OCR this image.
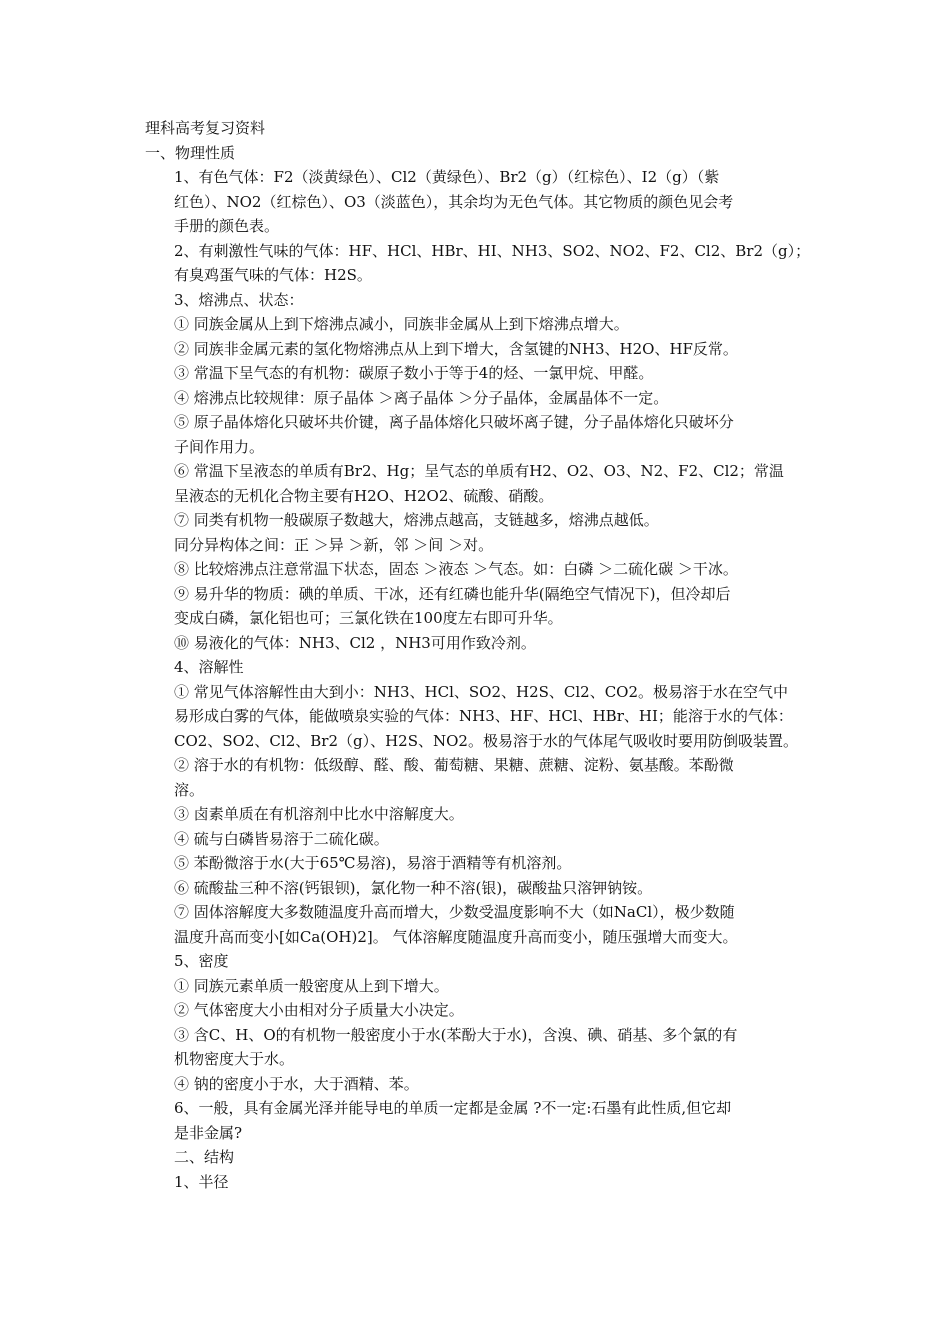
理科高考复习资料
一、物理性质
1、有色气体：F2（淡黄绿色）、Cl2（黄绿色）、Br2（g）（红棕色）、I2（g）（紫
红色）、NO2（红棕色）、O3（淡蓝色），其余均为无色气体。其它物质的颜色见会考
手册的颜色表。
2、有刺激性气味的气体：HF、HCl、HBr、HI、NH3、SO2、NO2、F2、Cl2、Br2（g）；
有臭鸡蛋气味的气体：H2S。
3、熔沸点、状态：
① 同族金属从上到下熔沸点减小，同族非金属从上到下熔沸点增大。
② 同族非金属元素的氢化物熔沸点从上到下增大，含氢键的NH3、H2O、HF反常。
③ 常温下呈气态的有机物：碳原子数小于等于4的烃、一氯甲烷、甲醛。
④ 熔沸点比较规律：原子晶体 ＞离子晶体 ＞分子晶体，金属晶体不一定。
⑤ 原子晶体熔化只破坏共价键，离子晶体熔化只破坏离子键，分子晶体熔化只破坏分
子间作用力。
⑥ 常温下呈液态的单质有Br2、Hg；呈气态的单质有H2、O2、O3、N2、F2、Cl2；常温
呈液态的无机化合物主要有H2O、H2O2、硫酸、硝酸。
⑦ 同类有机物一般碳原子数越大，熔沸点越高，支链越多，熔沸点越低。
同分异构体之间：正 ＞异 ＞新，邻 ＞间 ＞对。
⑧ 比较熔沸点注意常温下状态，固态 ＞液态 ＞气态。如：白磷 ＞二硫化碳 ＞干冰。
⑨ 易升华的物质：碘的单质、干冰，还有红磷也能升华(隔绝空气情况下)，但冷却后
变成白磷，氯化铝也可；三氯化铁在100度左右即可升华。
⑩ 易液化的气体：NH3、Cl2 ，NH3可用作致冷剂。
4、溶解性
① 常见气体溶解性由大到小：NH3、HCl、SO2、H2S、Cl2、CO2。极易溶于水在空气中
易形成白雾的气体，能做喷泉实验的气体：NH3、HF、HCl、HBr、HI；能溶于水的气体：
CO2、SO2、Cl2、Br2（g）、H2S、NO2。极易溶于水的气体尾气吸收时要用防倒吸装置。
② 溶于水的有机物：低级醇、醛、酸、葡萄糖、果糖、蔗糖、淀粉、氨基酸。苯酚微
溶。
③ 卤素单质在有机溶剂中比水中溶解度大。
④ 硫与白磷皆易溶于二硫化碳。
⑤ 苯酚微溶于水(大于65℃易溶)，易溶于酒精等有机溶剂。
⑥ 硫酸盐三种不溶(钙银钡)，氯化物一种不溶(银)，碳酸盐只溶钾钠铵。
⑦ 固体溶解度大多数随温度升高而增大，少数受温度影响不大（如NaCl），极少数随
温度升高而变小[如Ca(OH)2]。 气体溶解度随温度升高而变小，随压强增大而变大。
5、密度
① 同族元素单质一般密度从上到下增大。
② 气体密度大小由相对分子质量大小决定。
③ 含C、H、O的有机物一般密度小于水(苯酚大于水)，含溴、碘、硝基、多个氯的有
机物密度大于水。
④ 钠的密度小于水，大于酒精、苯。
6、一般，具有金属光泽并能导电的单质一定都是金属 ?不一定:石墨有此性质,但它却
是非金属?
二、结构
1、半径
